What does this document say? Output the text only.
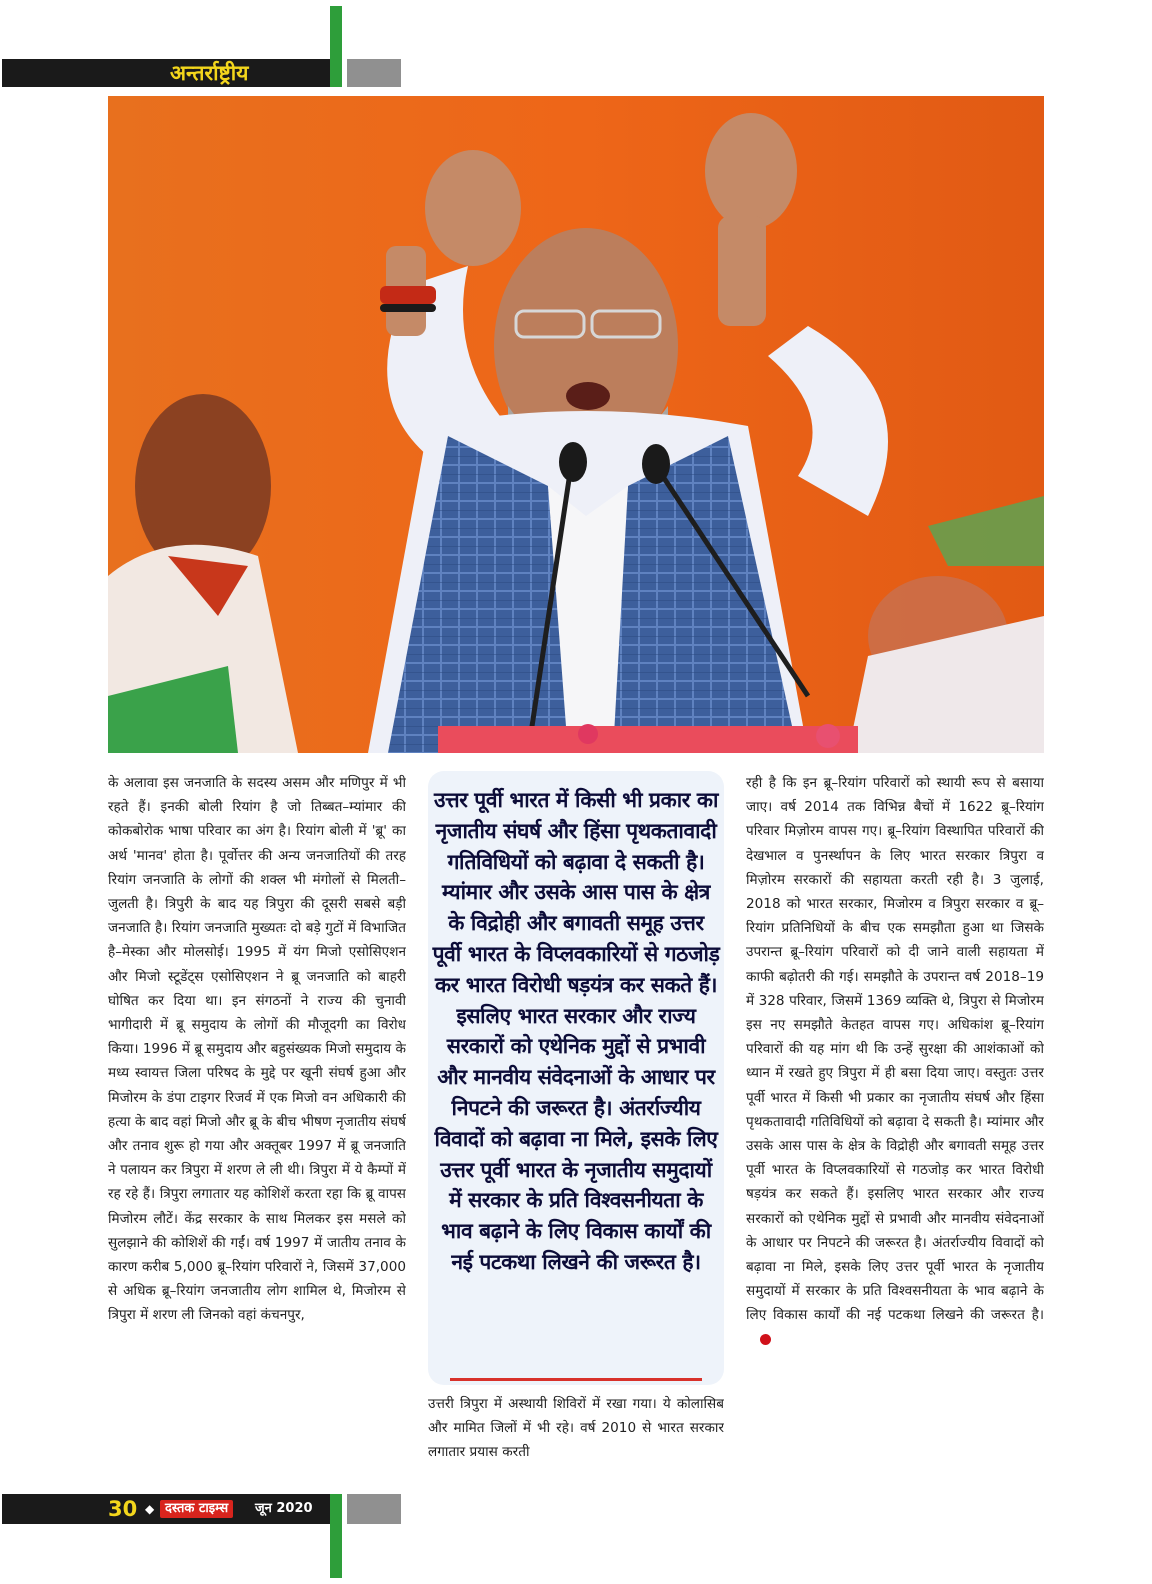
अन्तर्राष्ट्रीय
के अलावा इस जनजाति के सदस्य असम और मणिपुर में भी रहते हैं। इनकी बोली रियांग है जो तिब्बत–म्यांमार की कोकबोरोक भाषा परिवार का अंग है। रियांग बोली में 'ब्रू' का अर्थ 'मानव' होता है। पूर्वोत्तर की अन्य जनजातियों की तरह रियांग जनजाति के लोगों की शक्ल भी मंगोलों से मिलती–जुलती है। त्रिपुरी के बाद यह त्रिपुरा की दूसरी सबसे बड़ी जनजाति है। रियांग जनजाति मुख्यतः दो बड़े गुटों में विभाजित है–मेस्का और मोलसोई। 1995 में यंग मिजो एसोसिएशन और मिजो स्टूडेंट्स एसोसिएशन ने ब्रू जनजाति को बाहरी घोषित कर दिया था। इन संगठनों ने राज्य की चुनावी भागीदारी में ब्रू समुदाय के लोगों की मौजूदगी का विरोध किया। 1996 में ब्रू समुदाय और बहुसंख्यक मिजो समुदाय के मध्य स्वायत्त जिला परिषद के मुद्दे पर खूनी संघर्ष हुआ और मिजोरम के डंपा टाइगर रिजर्व में एक मिजो वन अधिकारी की हत्या के बाद वहां मिजो और ब्रू के बीच भीषण नृजातीय संघर्ष और तनाव शुरू हो गया और अक्तूबर 1997 में ब्रू जनजाति ने पलायन कर त्रिपुरा में शरण ले ली थी। त्रिपुरा में ये कैम्पों में रह रहे हैं। त्रिपुरा लगातार यह कोशिशें करता रहा कि ब्रू वापस मिजोरम लौटें। केंद्र सरकार के साथ मिलकर इस मसले को सुलझाने की कोशिशें की गईं। वर्ष 1997 में जातीय तनाव के कारण करीब 5,000 ब्रू–रियांग परिवारों ने, जिसमें 37,000 से अधिक ब्रू–रियांग जनजातीय लोग शामिल थे, मिजोरम से त्रिपुरा में शरण ली जिनको वहां कंचनपुर,
उत्तर पूर्वी भारत में किसी भी प्रकार का नृजातीय संघर्ष और हिंसा पृथकतावादी गतिविधियों को बढ़ावा दे सकती है। म्यांमार और उसके आस पास के क्षेत्र के विद्रोही और बगावती समूह उत्तर पूर्वी भारत के विप्लवकारियों से गठजोड़ कर भारत विरोधी षड़यंत्र कर सकते हैं। इसलिए भारत सरकार और राज्य सरकारों को एथेनिक मुद्दों से प्रभावी और मानवीय संवेदनाओं के आधार पर निपटने की जरूरत है। अंतर्राज्यीय विवादों को बढ़ावा ना मिले, इसके लिए उत्तर पूर्वी भारत के नृजातीय समुदायों में सरकार के प्रति विश्वसनीयता के भाव बढ़ाने के लिए विकास कार्यों की नई पटकथा लिखने की जरूरत है।
उत्तरी त्रिपुरा में अस्थायी शिविरों में रखा गया। ये कोलासिब और मामित जिलों में भी रहे। वर्ष 2010 से भारत सरकार लगातार प्रयास करती
रही है कि इन ब्रू–रियांग परिवारों को स्थायी रूप से बसाया जाए। वर्ष 2014 तक विभिन्न बैचों में 1622 ब्रू–रियांग परिवार मिज़ोरम वापस गए। ब्रू–रियांग विस्थापित परिवारों की देखभाल व पुनर्स्थापन के लिए भारत सरकार त्रिपुरा व मिज़ोरम सरकारों की सहायता करती रही है। 3 जुलाई, 2018 को भारत सरकार, मिजोरम व त्रिपुरा सरकार व ब्रू–रियांग प्रतिनिधियों के बीच एक समझौता हुआ था जिसके उपरान्त ब्रू–रियांग परिवारों को दी जाने वाली सहायता में काफी बढ़ोतरी की गई। समझौते के उपरान्त वर्ष 2018–19 में 328 परिवार, जिसमें 1369 व्यक्ति थे, त्रिपुरा से मिजोरम इस नए समझौते केतहत वापस गए। अधिकांश ब्रू–रियांग परिवारों की यह मांग थी कि उन्हें सुरक्षा की आशंकाओं को ध्यान में रखते हुए त्रिपुरा में ही बसा दिया जाए। वस्तुतः उत्तर पूर्वी भारत में किसी भी प्रकार का नृजातीय संघर्ष और हिंसा पृथकतावादी गतिविधियों को बढ़ावा दे सकती है। म्यांमार और उसके आस पास के क्षेत्र के विद्रोही और बगावती समूह उत्तर पूर्वी भारत के विप्लवकारियों से गठजोड़ कर भारत विरोधी षड़यंत्र कर सकते हैं। इसलिए भारत सरकार और राज्य सरकारों को एथेनिक मुद्दों से प्रभावी और मानवीय संवेदनाओं के आधार पर निपटने की जरूरत है। अंतर्राज्यीय विवादों को बढ़ावा ना मिले, इसके लिए उत्तर पूर्वी भारत के नृजातीय समुदायों में सरकार के प्रति विश्वसनीयता के भाव बढ़ाने के लिए विकास कार्यों की नई पटकथा लिखने की जरूरत है।
30 ◆ दस्तक टाइम्स	जून 2020
